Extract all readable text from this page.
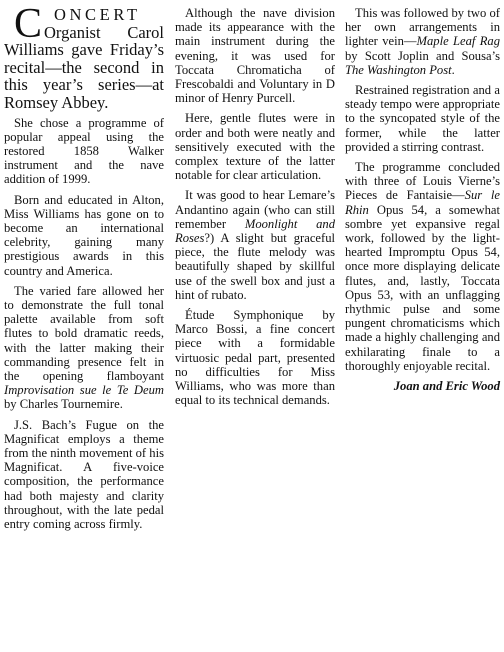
CONCERT Organist Carol Williams gave Friday’s recital—the second in this year’s series—at Romsey Abbey.

She chose a programme of popular appeal using the restored 1858 Walker instrument and the nave addition of 1999.

Born and educated in Alton, Miss Williams has gone on to become an international celebrity, gaining many prestigious awards in this country and America.

The varied fare allowed her to demonstrate the full tonal palette available from soft flutes to bold dramatic reeds, with the latter making their commanding presence felt in the opening flamboyant Improvisation sue le Te Deum by Charles Tournemire.

J.S. Bach’s Fugue on the Magnificat employs a theme from the ninth movement of his Magnificat. A five-voice composition, the performance had both majesty and clarity throughout, with the late pedal entry coming across firmly.

Although the nave division made its appearance with the main instrument during the evening, it was used for Toccata Chromaticha of Frescobaldi and Voluntary in D minor of Henry Purcell.

Here, gentle flutes were in order and both were neatly and sensitively executed with the complex texture of the latter notable for clear articulation.

It was good to hear Lemare’s Andantino again (who can still remember Moonlight and Roses?) A slight but graceful piece, the flute melody was beautifully shaped by skillful use of the swell box and just a hint of rubato.

Étude Symphonique by Marco Bossi, a fine concert piece with a formidable virtuosic pedal part, presented no difficulties for Miss Williams, who was more than equal to its technical demands.

This was followed by two of her own arrangements in lighter vein—Maple Leaf Rag by Scott Joplin and Sousa’s The Washington Post.

Restrained registration and a steady tempo were appropriate to the syncopated style of the former, while the latter provided a stirring contrast.

The programme concluded with three of Louis Vierne’s Pieces de Fantaisie—Sur le Rhin Opus 54, a somewhat sombre yet expansive regal work, followed by the light-hearted Impromptu Opus 54, once more displaying delicate flutes, and, lastly, Toccata Opus 53, with an unflagging rhythmic pulse and some pungent chromaticisms which made a highly challenging and exhilarating finale to a thoroughly enjoyable recital.

Joan and Eric Wood
